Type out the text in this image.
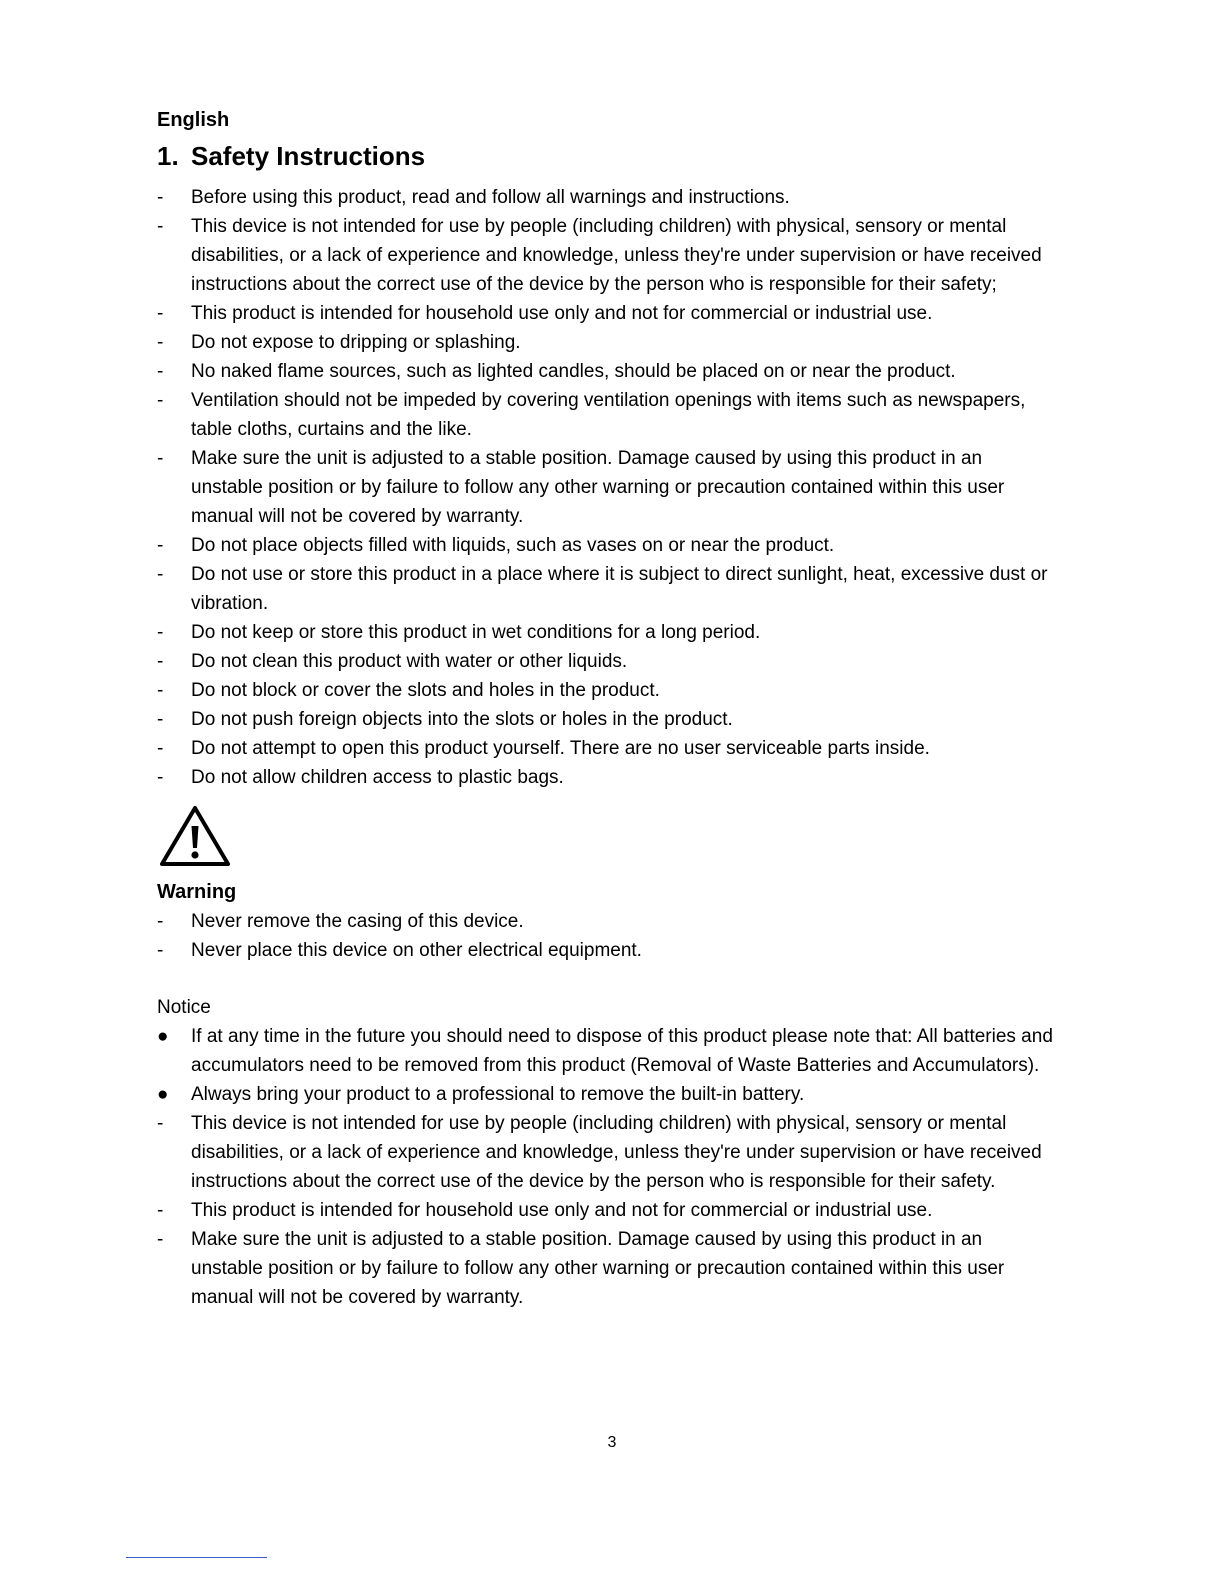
English
1. Safety Instructions
-	Before using this product, read and follow all warnings and instructions.
-	This device is not intended for use by people (including children) with physical, sensory or mental disabilities, or a lack of experience and knowledge, unless they're under supervision or have received instructions about the correct use of the device by the person who is responsible for their safety;
-	This product is intended for household use only and not for commercial or industrial use.
-	Do not expose to dripping or splashing.
-	No naked flame sources, such as lighted candles, should be placed on or near the product.
-	Ventilation should not be impeded by covering ventilation openings with items such as newspapers, table cloths, curtains and the like.
-	Make sure the unit is adjusted to a stable position. Damage caused by using this product in an unstable position or by failure to follow any other warning or precaution contained within this user manual will not be covered by warranty.
-	Do not place objects filled with liquids, such as vases on or near the product.
-	Do not use or store this product in a place where it is subject to direct sunlight, heat, excessive dust or vibration.
-	Do not keep or store this product in wet conditions for a long period.
-	Do not clean this product with water or other liquids.
-	Do not block or cover the slots and holes in the product.
-	Do not push foreign objects into the slots or holes in the product.
-	Do not attempt to open this product yourself. There are no user serviceable parts inside.
-	Do not allow children access to plastic bags.
Warning
-	Never remove the casing of this device.
-	Never place this device on other electrical equipment.
Notice
●	If at any time in the future you should need to dispose of this product please note that: All batteries and accumulators need to be removed from this product (Removal of Waste Batteries and Accumulators).
●	Always bring your product to a professional to remove the built-in battery.
-	This device is not intended for use by people (including children) with physical, sensory or mental disabilities, or a lack of experience and knowledge, unless they're under supervision or have received instructions about the correct use of the device by the person who is responsible for their safety.
-	This product is intended for household use only and not for commercial or industrial use.
-	Make sure the unit is adjusted to a stable position. Damage caused by using this product in an unstable position or by failure to follow any other warning or precaution contained within this user manual will not be covered by warranty.
3
